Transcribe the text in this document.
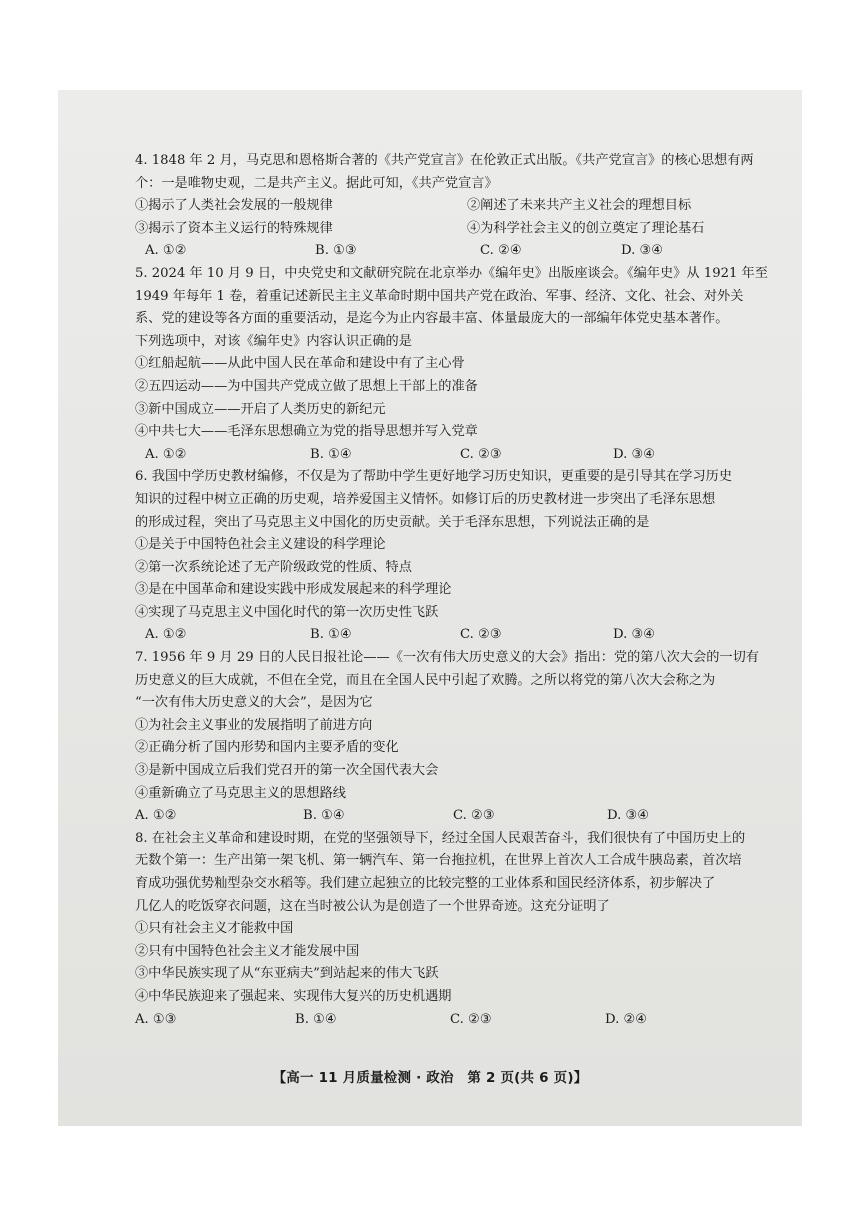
4. 1848 年 2 月，马克思和恩格斯合著的《共产党宣言》在伦敦正式出版。《共产党宣言》的核心思想有两
个：一是唯物史观，二是共产主义。据此可知，《共产党宣言》
①揭示了人类社会发展的一般规律	②阐述了未来共产主义社会的理想目标
③揭示了资本主义运行的特殊规律	④为科学社会主义的创立奠定了理论基石
A. ①②	B. ①③	C. ②④	D. ③④
5. 2024 年 10 月 9 日，中央党史和文献研究院在北京举办《编年史》出版座谈会。《编年史》从 1921 年至
1949 年每年 1 卷，着重记述新民主主义革命时期中国共产党在政治、军事、经济、文化、社会、对外关
系、党的建设等各方面的重要活动，是迄今为止内容最丰富、体量最庞大的一部编年体党史基本著作。
下列选项中，对该《编年史》内容认识正确的是
①红船起航——从此中国人民在革命和建设中有了主心骨
②五四运动——为中国共产党成立做了思想上干部上的准备
③新中国成立——开启了人类历史的新纪元
④中共七大——毛泽东思想确立为党的指导思想并写入党章
A. ①②	B. ①④	C. ②③	D. ③④
6. 我国中学历史教材编修，不仅是为了帮助中学生更好地学习历史知识，更重要的是引导其在学习历史
知识的过程中树立正确的历史观，培养爱国主义情怀。如修订后的历史教材进一步突出了毛泽东思想
的形成过程，突出了马克思主义中国化的历史贡献。关于毛泽东思想，下列说法正确的是
①是关于中国特色社会主义建设的科学理论
②第一次系统论述了无产阶级政党的性质、特点
③是在中国革命和建设实践中形成发展起来的科学理论
④实现了马克思主义中国化时代的第一次历史性飞跃
A. ①②	B. ①④	C. ②③	D. ③④
7. 1956 年 9 月 29 日的人民日报社论——《一次有伟大历史意义的大会》指出：党的第八次大会的一切有
历史意义的巨大成就，不但在全党，而且在全国人民中引起了欢腾。之所以将党的第八次大会称之为
“一次有伟大历史意义的大会”，是因为它
①为社会主义事业的发展指明了前进方向
②正确分析了国内形势和国内主要矛盾的变化
③是新中国成立后我们党召开的第一次全国代表大会
④重新确立了马克思主义的思想路线
A. ①②	B. ①④	C. ②③	D. ③④
8. 在社会主义革命和建设时期，在党的坚强领导下，经过全国人民艰苦奋斗，我们很快有了中国历史上的
无数个第一：生产出第一架飞机、第一辆汽车、第一台拖拉机，在世界上首次人工合成牛胰岛素，首次培
育成功强优势籼型杂交水稻等。我们建立起独立的比较完整的工业体系和国民经济体系，初步解决了
几亿人的吃饭穿衣问题，这在当时被公认为是创造了一个世界奇迹。这充分证明了
①只有社会主义才能救中国
②只有中国特色社会主义才能发展中国
③中华民族实现了从“东亚病夫”到站起来的伟大飞跃
④中华民族迎来了强起来、实现伟大复兴的历史机遇期
A. ①③	B. ①④	C. ②③	D. ②④
【高一 11 月质量检测 · 政治　第 2 页(共 6 页)】
